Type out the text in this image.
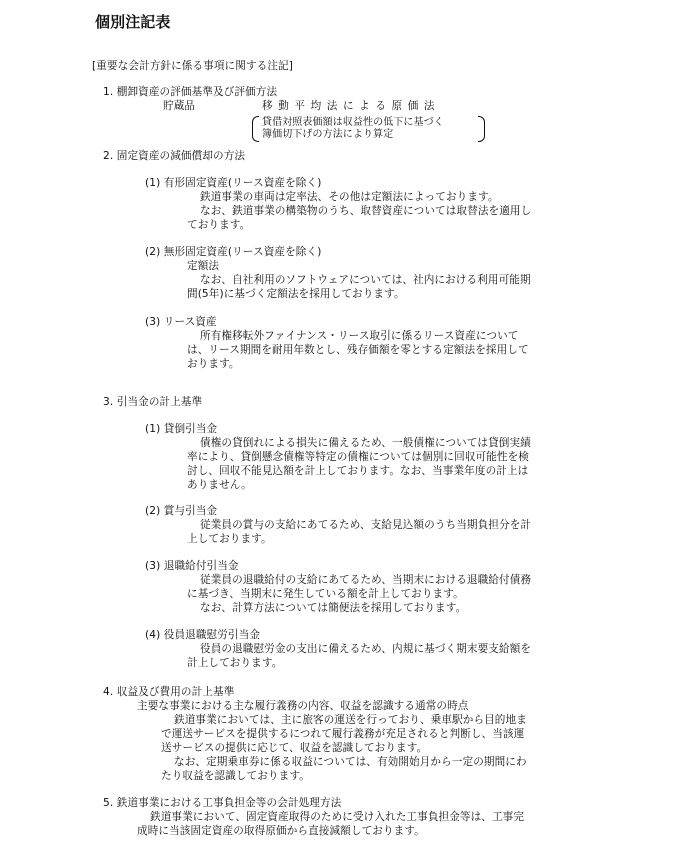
個別注記表
[重要な会計方針に係る事項に関する注記]
1. 棚卸資産の評価基準及び評価方法
貯蔵品	移動平均法による原価法
貸借対照表価額は収益性の低下に基づく
簿価切下げの方法により算定
2. 固定資産の減価償却の方法
(1) 有形固定資産(リース資産を除く)
鉄道事業の車両は定率法、その他は定額法によっております。
なお、鉄道事業の構築物のうち、取替資産については取替法を適用し
ております。
(2) 無形固定資産(リース資産を除く)
定額法
なお、自社利用のソフトウェアについては、社内における利用可能期
間(5年)に基づく定額法を採用しております。
(3) リース資産
所有権移転外ファイナンス・リース取引に係るリース資産について
は、リース期間を耐用年数とし、残存価額を零とする定額法を採用して
おります。
3. 引当金の計上基準
(1) 貸倒引当金
債権の貸倒れによる損失に備えるため、一般債権については貸倒実績
率により、貸倒懸念債権等特定の債権については個別に回収可能性を検
討し、回収不能見込額を計上しております。なお、当事業年度の計上は
ありません。
(2) 賞与引当金
従業員の賞与の支給にあてるため、支給見込額のうち当期負担分を計
上しております。
(3) 退職給付引当金
従業員の退職給付の支給にあてるため、当期末における退職給付債務
に基づき、当期末に発生している額を計上しております。
なお、計算方法については簡便法を採用しております。
(4) 役員退職慰労引当金
役員の退職慰労金の支出に備えるため、内規に基づく期末要支給額を
計上しております。
4. 収益及び費用の計上基準
主要な事業における主な履行義務の内容、収益を認識する通常の時点
鉄道事業においては、主に旅客の運送を行っており、乗車駅から目的地ま
で運送サービスを提供するにつれて履行義務が充足されると判断し、当該運
送サービスの提供に応じて、収益を認識しております。
なお、定期乗車券に係る収益については、有効開始月から一定の期間にわ
たり収益を認識しております。
5. 鉄道事業における工事負担金等の会計処理方法
鉄道事業において、固定資産取得のために受け入れた工事負担金等は、工事完
成時に当該固定資産の取得原価から直接減額しております。
